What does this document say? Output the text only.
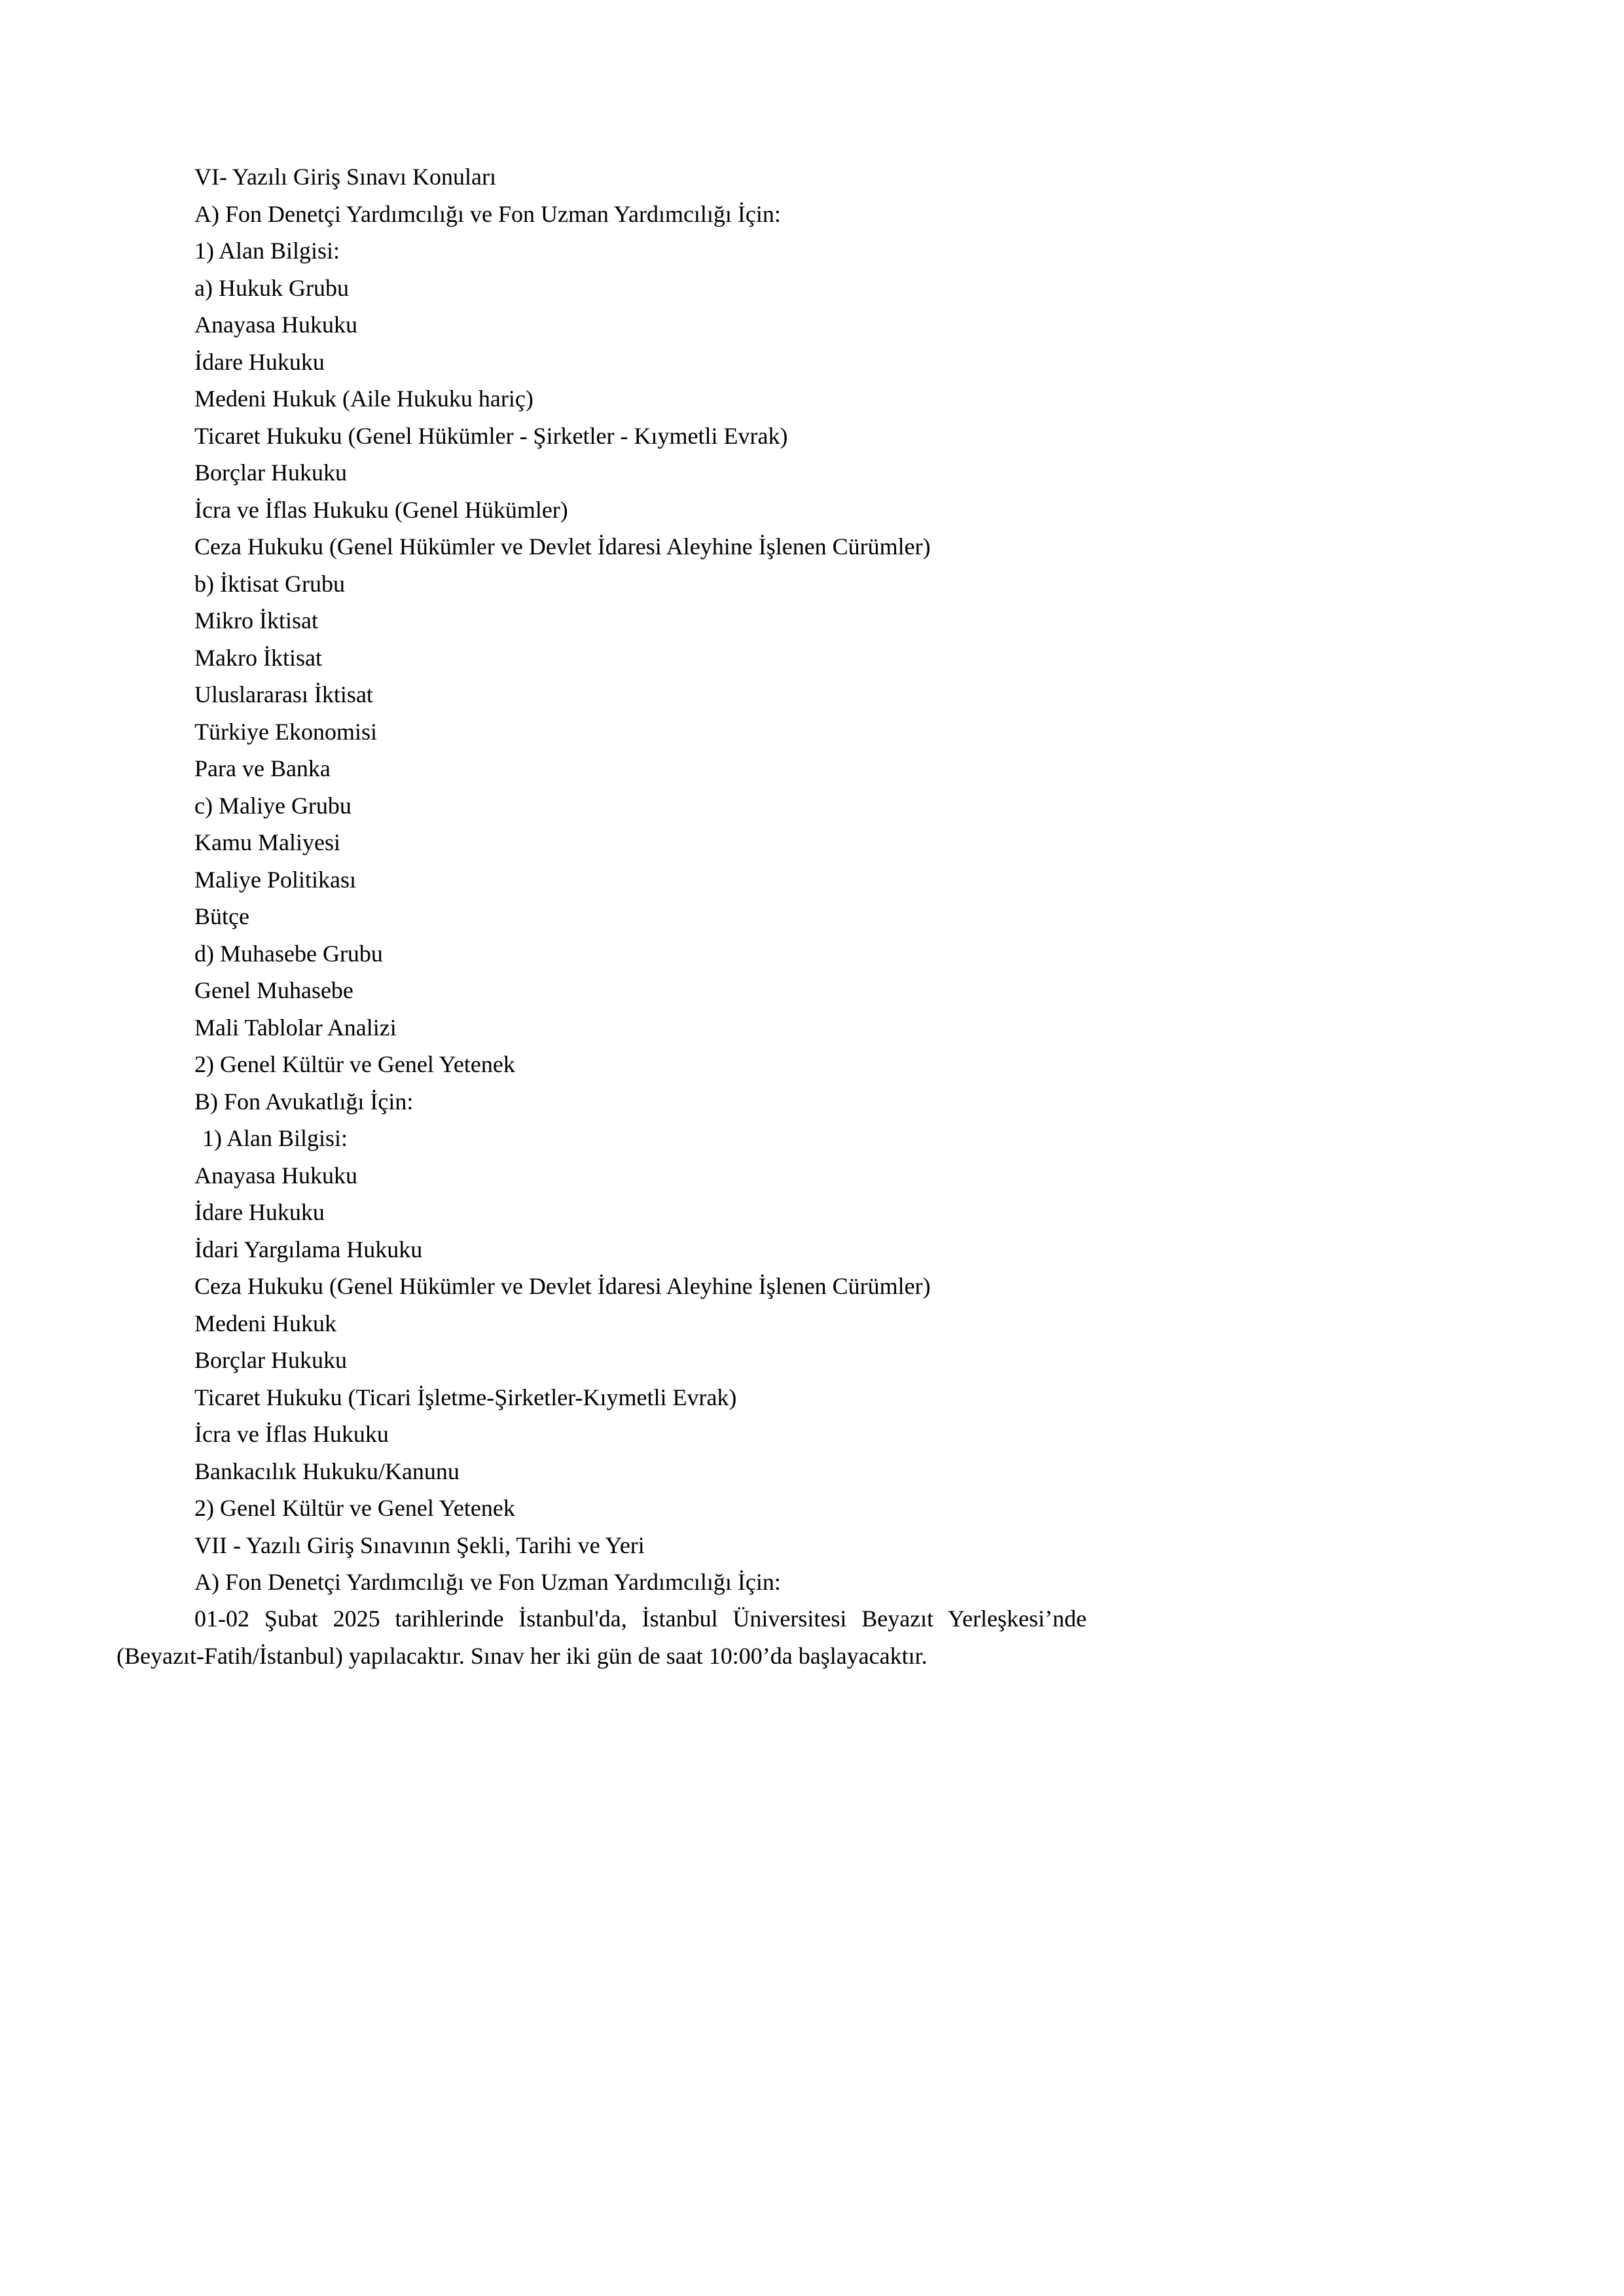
VI- Yazılı Giriş Sınavı Konuları
A) Fon Denetçi Yardımcılığı ve Fon Uzman Yardımcılığı İçin:
1) Alan Bilgisi:
a) Hukuk Grubu
Anayasa Hukuku
İdare Hukuku
Medeni Hukuk (Aile Hukuku hariç)
Ticaret Hukuku (Genel Hükümler - Şirketler - Kıymetli Evrak)
Borçlar Hukuku
İcra ve İflas Hukuku (Genel Hükümler)
Ceza Hukuku (Genel Hükümler ve Devlet İdaresi Aleyhine İşlenen Cürümler)
b) İktisat Grubu
Mikro İktisat
Makro İktisat
Uluslararası İktisat
Türkiye Ekonomisi
Para ve Banka
c) Maliye Grubu
Kamu Maliyesi
Maliye Politikası
Bütçe
d) Muhasebe Grubu
Genel Muhasebe
Mali Tablolar Analizi
2) Genel Kültür ve Genel Yetenek
B) Fon Avukatlığı İçin:
1) Alan Bilgisi:
Anayasa Hukuku
İdare Hukuku
İdari Yargılama Hukuku
Ceza Hukuku (Genel Hükümler ve Devlet İdaresi Aleyhine İşlenen Cürümler)
Medeni Hukuk
Borçlar Hukuku
Ticaret Hukuku (Ticari İşletme-Şirketler-Kıymetli Evrak)
İcra ve İflas Hukuku
Bankacılık Hukuku/Kanunu
2) Genel Kültür ve Genel Yetenek
VII - Yazılı Giriş Sınavının Şekli, Tarihi ve Yeri
A) Fon Denetçi Yardımcılığı ve Fon Uzman Yardımcılığı İçin:
01-02 Şubat 2025 tarihlerinde İstanbul'da, İstanbul Üniversitesi Beyazıt Yerleşkesi’nde
(Beyazıt-Fatih/İstanbul) yapılacaktır. Sınav her iki gün de saat 10:00’da başlayacaktır.
